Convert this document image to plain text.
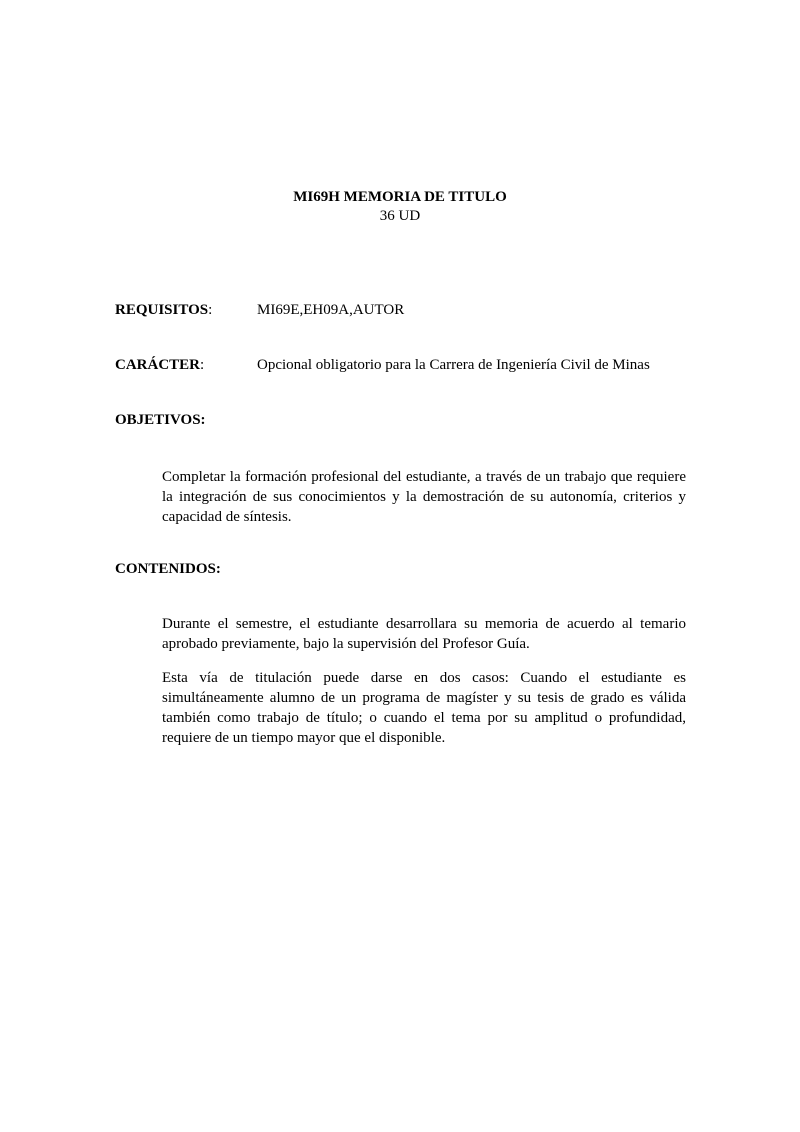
MI69H MEMORIA DE TITULO
36 UD
REQUISITOS:	MI69E,EH09A,AUTOR
CARÁCTER:	Opcional obligatorio para la Carrera de Ingeniería Civil de Minas
OBJETIVOS:
Completar la formación profesional del estudiante, a través de un trabajo que requiere la integración de sus conocimientos y la demostración de su autonomía, criterios y capacidad de síntesis.
CONTENIDOS:
Durante el semestre, el estudiante desarrollara su memoria de acuerdo al temario aprobado previamente, bajo la supervisión del Profesor Guía.
Esta vía de titulación puede darse en dos casos: Cuando el estudiante es simultáneamente alumno de un programa de magíster y su tesis de grado es válida también como trabajo de título; o cuando el tema por su amplitud o profundidad, requiere de un tiempo mayor que el disponible.
